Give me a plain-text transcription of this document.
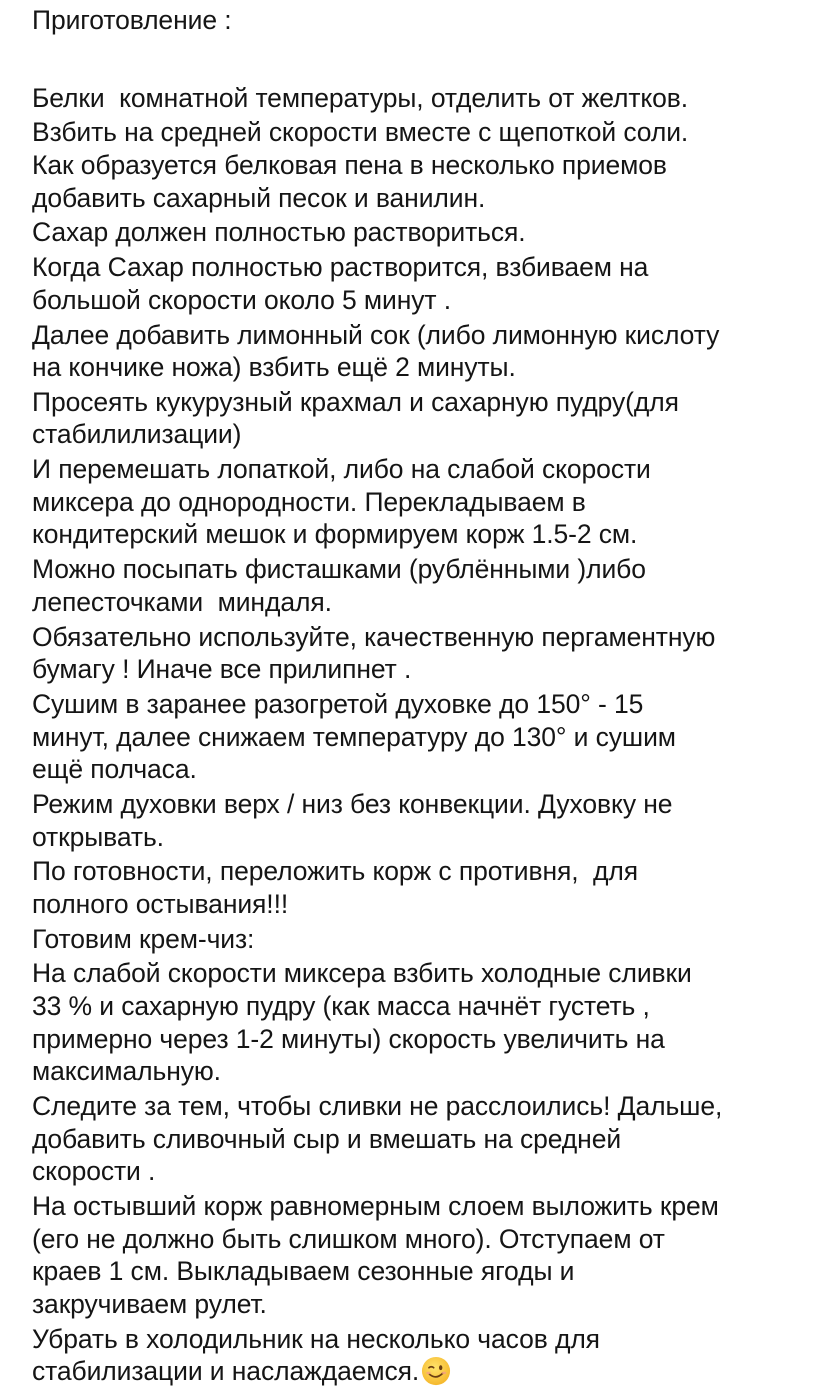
Приготовление :
Белки  комнатной температуры, отделить от желтков.
Взбить на средней скорости вместе с щепоткой соли.
Как образуется белковая пена в несколько приемов
добавить сахарный песок и ванилин.
Сахар должен полностью раствориться.
Когда Сахар полностью растворится, взбиваем на
большой скорости около 5 минут .
Далее добавить лимонный сок (либо лимонную кислоту
на кончике ножа) взбить ещё 2 минуты.
Просеять кукурузный крахмал и сахарную пудру(для
стабилилизации)
И перемешать лопаткой, либо на слабой скорости
миксера до однородности. Перекладываем в
кондитерский мешок и формируем корж 1.5-2 см.
Можно посыпать фисташками (рублёнными )либо
лепесточками  миндаля.
Обязательно используйте, качественную пергаментную
бумагу ! Иначе все прилипнет .
Сушим в заранее разогретой духовке до 150° - 15
минут, далее снижаем температуру до 130° и сушим
ещё полчаса.
Режим духовки верх / низ без конвекции. Духовку не
открывать.
По готовности, переложить корж с противня,  для
полного остывания!!!
Готовим крем-чиз:
На слабой скорости миксера взбить холодные сливки
33 % и сахарную пудру (как масса начнёт густеть ,
примерно через 1-2 минуты) скорость увеличить на
максимальную.
Следите за тем, чтобы сливки не расслоились! Дальше,
добавить сливочный сыр и вмешать на средней
скорости .
На остывший корж равномерным слоем выложить крем
(его не должно быть слишком много). Отступаем от
краев 1 см. Выкладываем сезонные ягоды и
закручиваем рулет.
Убрать в холодильник на несколько часов для
стабилизации и наслаждаемся.
